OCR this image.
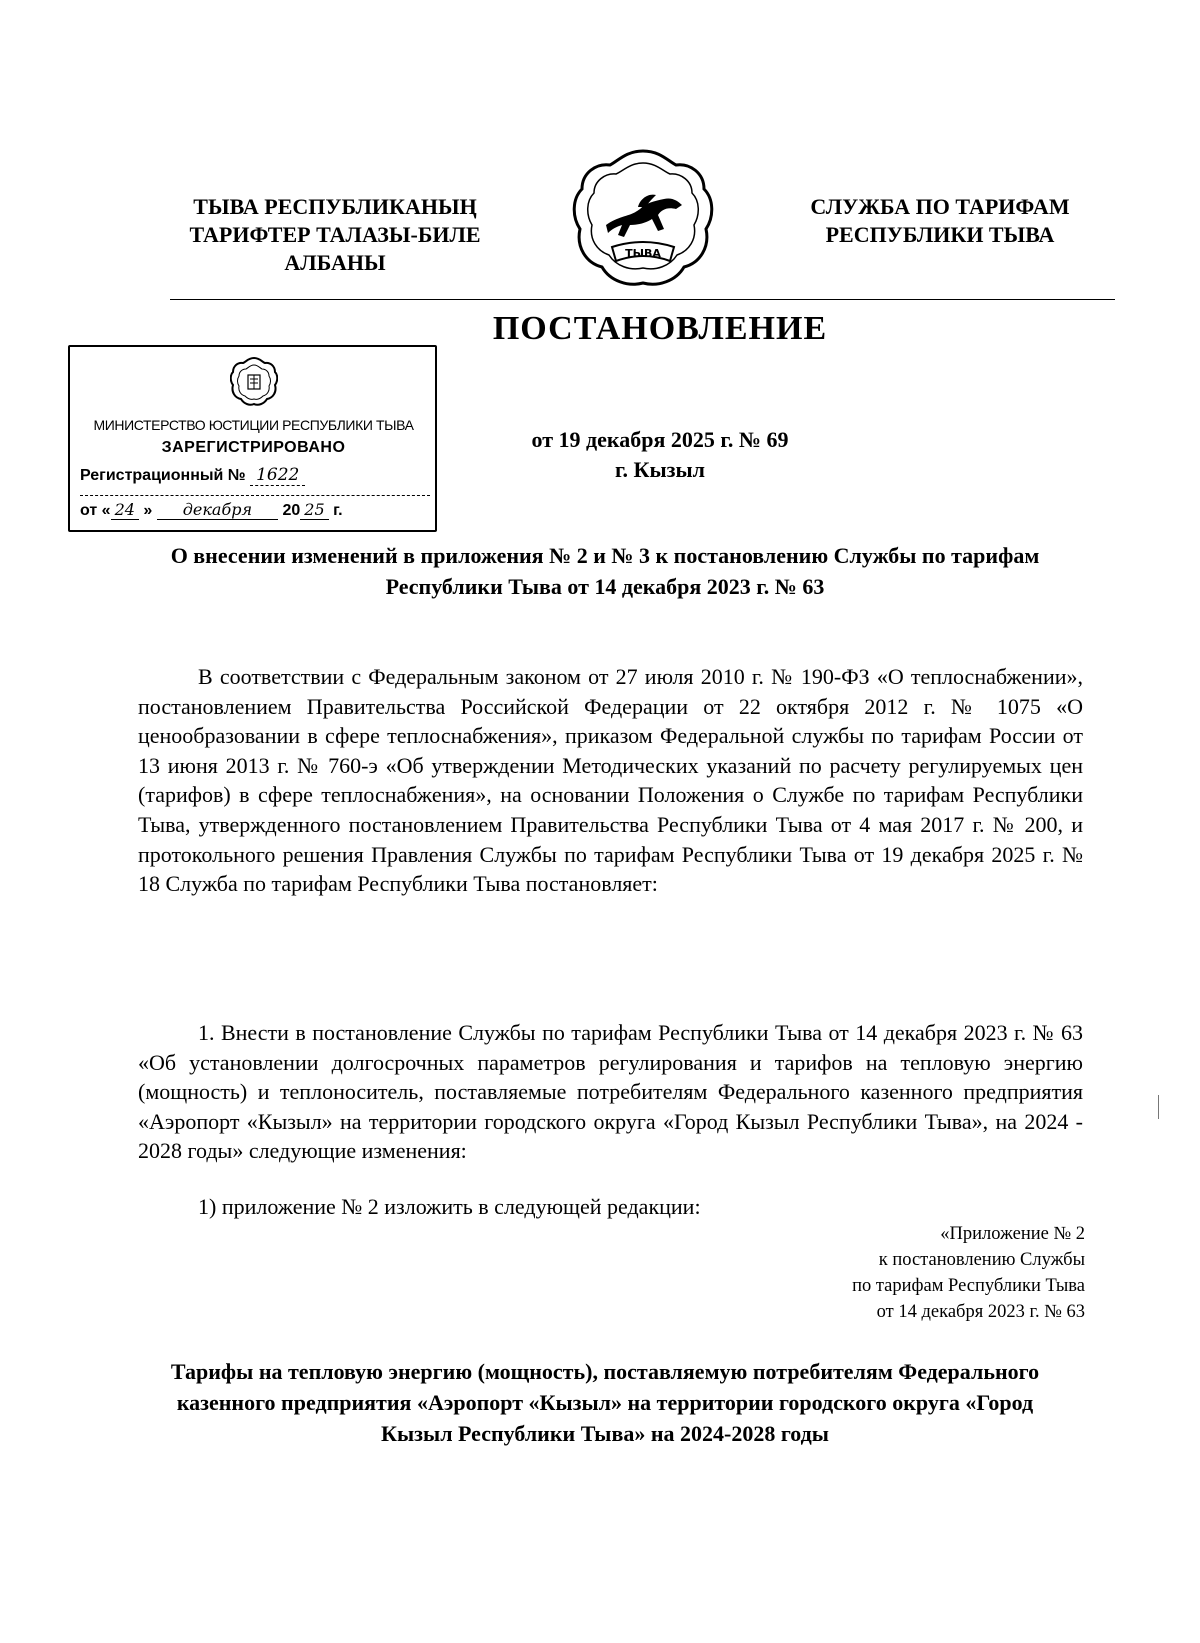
ТЫВА РЕСПУБЛИКАНЫҢ
ТАРИФТЕР ТАЛАЗЫ-БИЛЕ
АЛБАНЫ	ТЫВА
СЛУЖБА ПО ТАРИФАМ
РЕСПУБЛИКИ ТЫВА
ПОСТАНОВЛЕНИЕ
МИНИСТЕРСТВО ЮСТИЦИИ РЕСПУБЛИКИ ТЫВА
ЗАРЕГИСТРИРОВАНО
Регистрационный № 1622
от « 24 » декабря 20 25 г.
от 19 декабря 2025 г. № 69
г. Кызыл
О внесении изменений в приложения № 2 и № 3 к постановлению Службы по тарифам Республики Тыва от 14 декабря 2023 г. № 63
В соответствии с Федеральным законом от 27 июля 2010 г. № 190-ФЗ «О теплоснабжении», постановлением Правительства Российской Федерации от 22 октября 2012 г. № 1075 «О ценообразовании в сфере теплоснабжения», приказом Федеральной службы по тарифам России от 13 июня 2013 г. № 760-э «Об утверждении Методических указаний по расчету регулируемых цен (тарифов) в сфере теплоснабжения», на основании Положения о Службе по тарифам Республики Тыва, утвержденного постановлением Правительства Республики Тыва от 4 мая 2017 г. № 200, и протокольного решения Правления Службы по тарифам Республики Тыва от 19 декабря 2025 г. № 18 Служба по тарифам Республики Тыва постановляет:
1. Внести в постановление Службы по тарифам Республики Тыва от 14 декабря 2023 г. № 63 «Об установлении долгосрочных параметров регулирования и тарифов на тепловую энергию (мощность) и теплоноситель, поставляемые потребителям Федерального казенного предприятия «Аэропорт «Кызыл» на территории городского округа «Город Кызыл Республики Тыва», на 2024 - 2028 годы» следующие изменения:
1) приложение № 2 изложить в следующей редакции:
«Приложение № 2
к постановлению Службы
по тарифам Республики Тыва
от 14 декабря 2023 г. № 63
Тарифы на тепловую энергию (мощность), поставляемую потребителям Федерального казенного предприятия «Аэропорт «Кызыл» на территории городского округа «Город Кызыл Республики Тыва» на 2024-2028 годы
